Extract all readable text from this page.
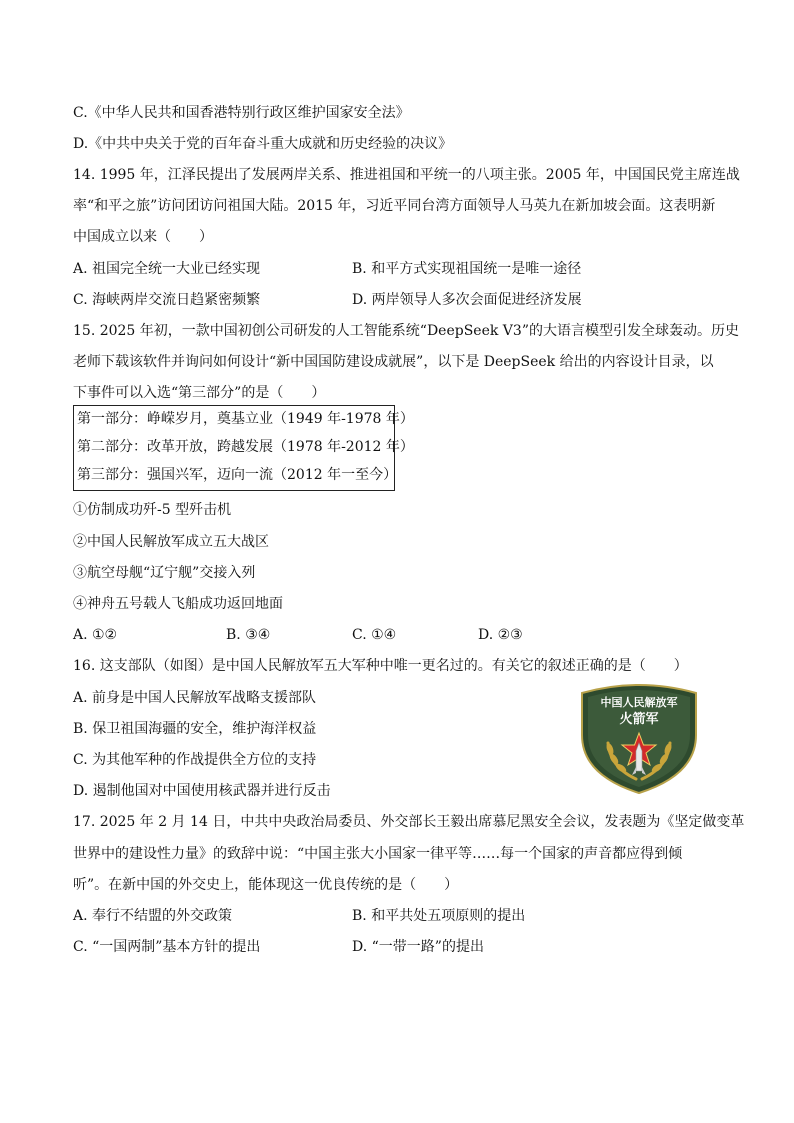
C.《中华人民共和国香港特别行政区维护国家安全法》
D.《中共中央关于党的百年奋斗重大成就和历史经验的决议》
14. 1995 年，江泽民提出了发展两岸关系、推进祖国和平统一的八项主张。2005 年，中国国民党主席连战
率“和平之旅”访问团访问祖国大陆。2015 年，习近平同台湾方面领导人马英九在新加坡会面。这表明新
中国成立以来（　　）
A. 祖国完全统一大业已经实现	B. 和平方式实现祖国统一是唯一途径
C. 海峡两岸交流日趋紧密频繁	D. 两岸领导人多次会面促进经济发展
15. 2025 年初，一款中国初创公司研发的人工智能系统“DeepSeek V3”的大语言模型引发全球轰动。历史
老师下载该软件并询问如何设计“新中国国防建设成就展”，以下是 DeepSeek 给出的内容设计目录，以
下事件可以入选“第三部分”的是（　　）
第一部分：峥嵘岁月，奠基立业（1949 年-1978 年）
第二部分：改革开放，跨越发展（1978 年-2012 年）
第三部分：强国兴军，迈向一流（2012 年一至今）
①仿制成功歼-5 型歼击机
②中国人民解放军成立五大战区
③航空母舰“辽宁舰”交接入列
④神舟五号载人飞船成功返回地面
A. ①②	B. ③④	C. ①④	D. ②③
16. 这支部队（如图）是中国人民解放军五大军种中唯一更名过的。有关它的叙述正确的是（　　）
A. 前身是中国人民解放军战略支援部队
B. 保卫祖国海疆的安全，维护海洋权益
C. 为其他军种的作战提供全方位的支持
D. 遏制他国对中国使用核武器并进行反击
中国人民解放军
火箭军
17. 2025 年 2 月 14 日，中共中央政治局委员、外交部长王毅出席慕尼黑安全会议，发表题为《坚定做变革
世界中的建设性力量》的致辞中说：“中国主张大小国家一律平等……每一个国家的声音都应得到倾
听”。在新中国的外交史上，能体现这一优良传统的是（　　）
A. 奉行不结盟的外交政策	B. 和平共处五项原则的提出
C. “一国两制”基本方针的提出	D. “一带一路”的提出
